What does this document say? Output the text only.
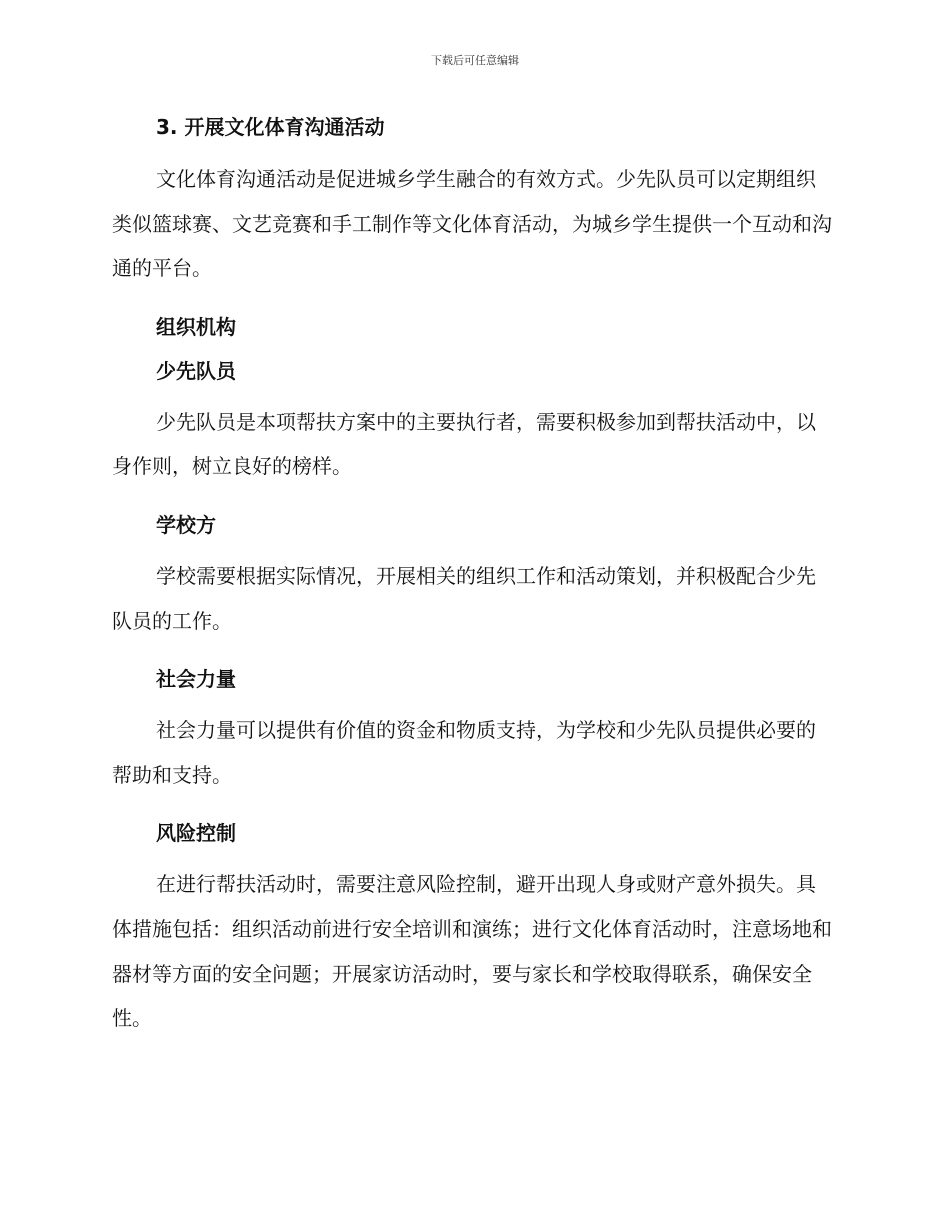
下载后可任意编辑
3. 开展文化体育沟通活动

文化体育沟通活动是促进城乡学生融合的有效方式。少先队员可以定期组织类似篮球赛、文艺竞赛和手工制作等文化体育活动，为城乡学生提供一个互动和沟通的平台。

组织机构
少先队员

少先队员是本项帮扶方案中的主要执行者，需要积极参加到帮扶活动中，以身作则，树立良好的榜样。

学校方

学校需要根据实际情况，开展相关的组织工作和活动策划，并积极配合少先队员的工作。

社会力量

社会力量可以提供有价值的资金和物质支持，为学校和少先队员提供必要的帮助和支持。

风险控制

在进行帮扶活动时，需要注意风险控制，避开出现人身或财产意外损失。具体措施包括：组织活动前进行安全培训和演练；进行文化体育活动时，注意场地和器材等方面的安全问题；开展家访活动时，要与家长和学校取得联系，确保安全性。
